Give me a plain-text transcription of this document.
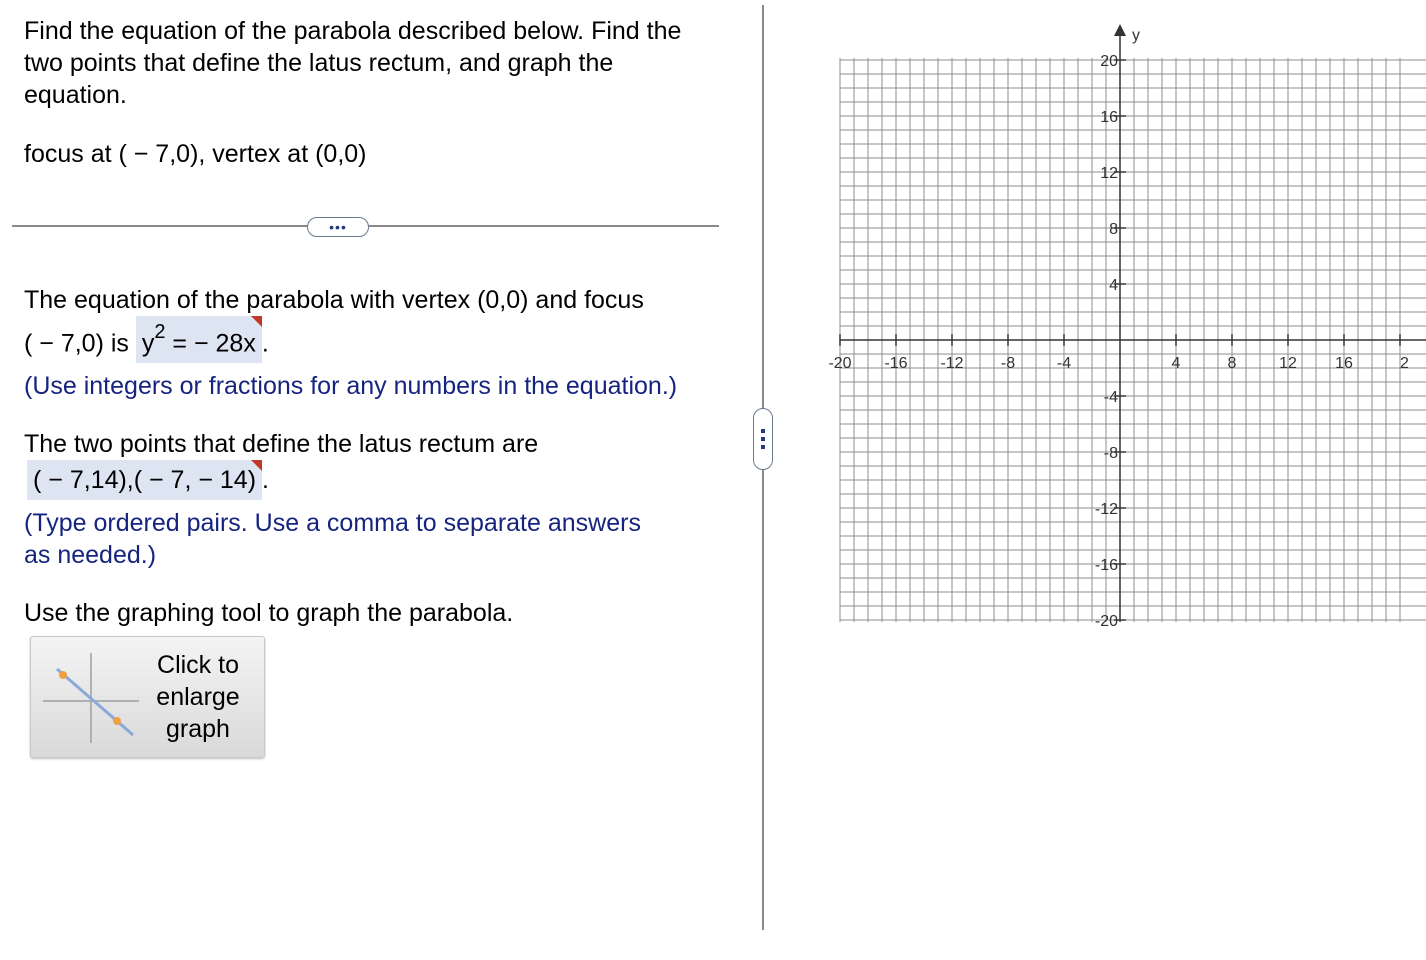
Find the equation of the parabola described below. Find the
two points that define the latus rectum, and graph the
equation.
focus at ( − 7,0), vertex at (0,0)
•••
The equation of the parabola with vertex (0,0) and focus
( − 7,0) is $y^2$ = − 28x .
(Use integers or fractions for any numbers in the equation.)
The two points that define the latus rectum are
( − 7,14),( − 7, − 14) .
(Type ordered pairs. Use a comma to separate answers
as needed.)
Use the graphing tool to graph the parabola.
Click to
enlarge
graph
y
-20 -16 -12 -8	-4	4	8	12 16	2
20
16
12
8
4
-4
-8
-12
-16
-20
